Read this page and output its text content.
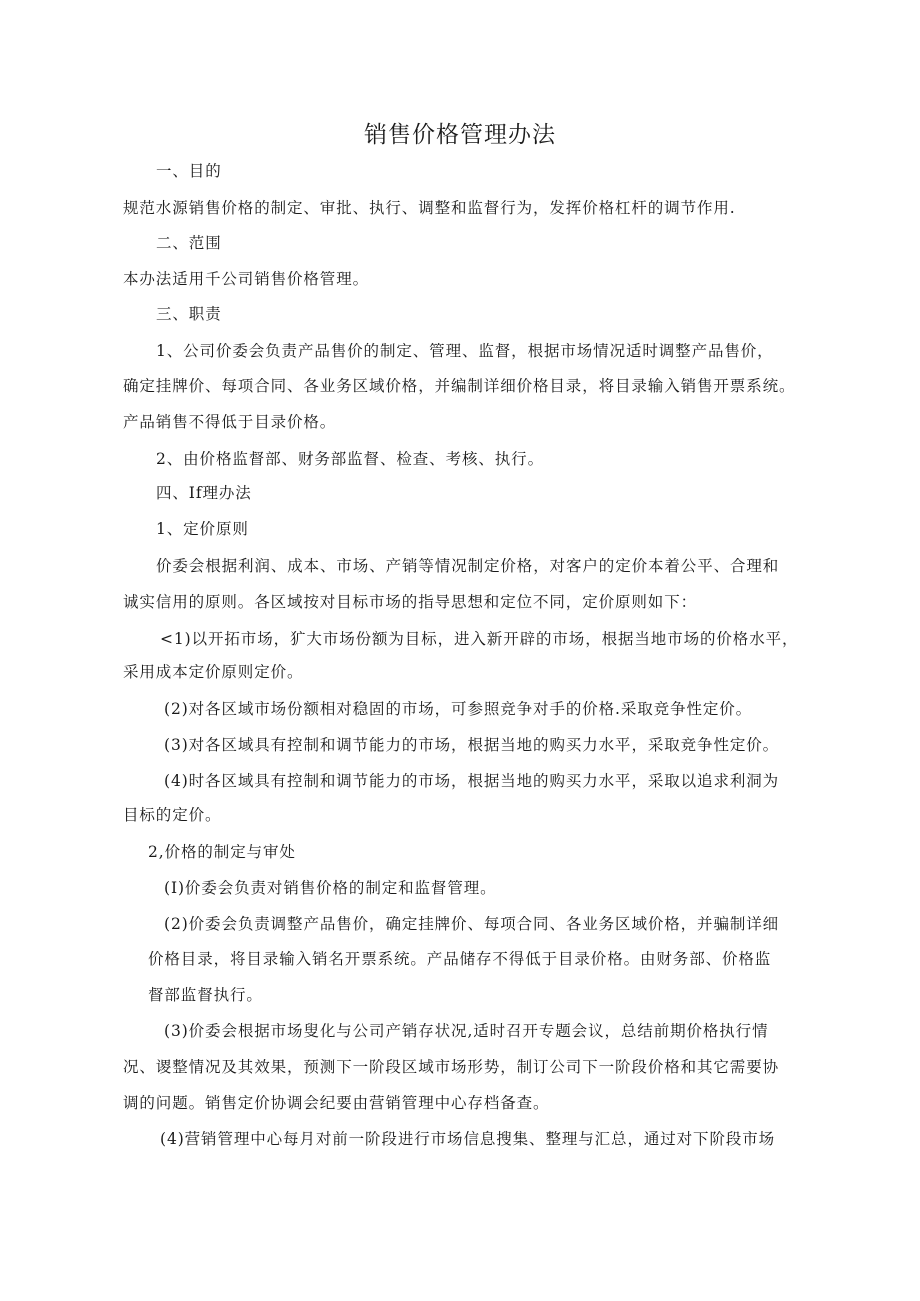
销售价格管理办法
一、目的
规范水源销售价格的制定、审批、执行、调整和监督行为，发挥价格杠杆的调节作用.
二、范围
本办法适用千公司销售价格管理。
三、职责
1、公司价委会负责产品售价的制定、管理、监督，根据市场情况适时调整产品售价，
确定挂牌价、每项合同、各业务区域价格，并编制详细价格目录，将目录输入销售开票系统。
产品销售不得低于目录价格。
2、由价格监督部、财务部监督、检查、考核、执行。
四、If理办法
1、定价原则
价委会根据利润、成本、市场、产销等情况制定价格，对客户的定价本着公平、合理和
诚实信用的原则。各区域按对目标市场的指导思想和定位不同，定价原则如下：
<1)以开拓市场，犷大市场份额为目标，进入新开辟的市场，根据当地市场的价格水平，
采用成本定价原则定价。
(2)对各区域市场份额相对稳固的市场，可参照竞争对手的价格.采取竞争性定价。
(3)对各区域具有控制和调节能力的市场，根据当地的购买力水平，采取竞争性定价。
(4)时各区域具有控制和调节能力的市场，根据当地的购买力水平，采取以追求利洞为
目标的定价。
2,价格的制定与审处
(I)价委会负责对销售价格的制定和监督管理。
(2)价委会负责调整产品售价，确定挂牌价、每项合同、各业务区域价格，并骗制详细
价格目录，将目录输入销名开票系统。产品储存不得低于目录价格。由财务部、价格监
督部监督执行。
(3)价委会根据市场叟化与公司产销存状况,适时召开专题会议，总结前期价格执行情
况、谡整情况及其效果，预测下一阶段区域市场形势，制订公司下一阶段价格和其它需要协
调的问题。销售定价协调会纪要由营销管理中心存档备查。
(4)营销管理中心每月对前一阶段进行市场信息搜集、整理与汇总，通过对下阶段市场
